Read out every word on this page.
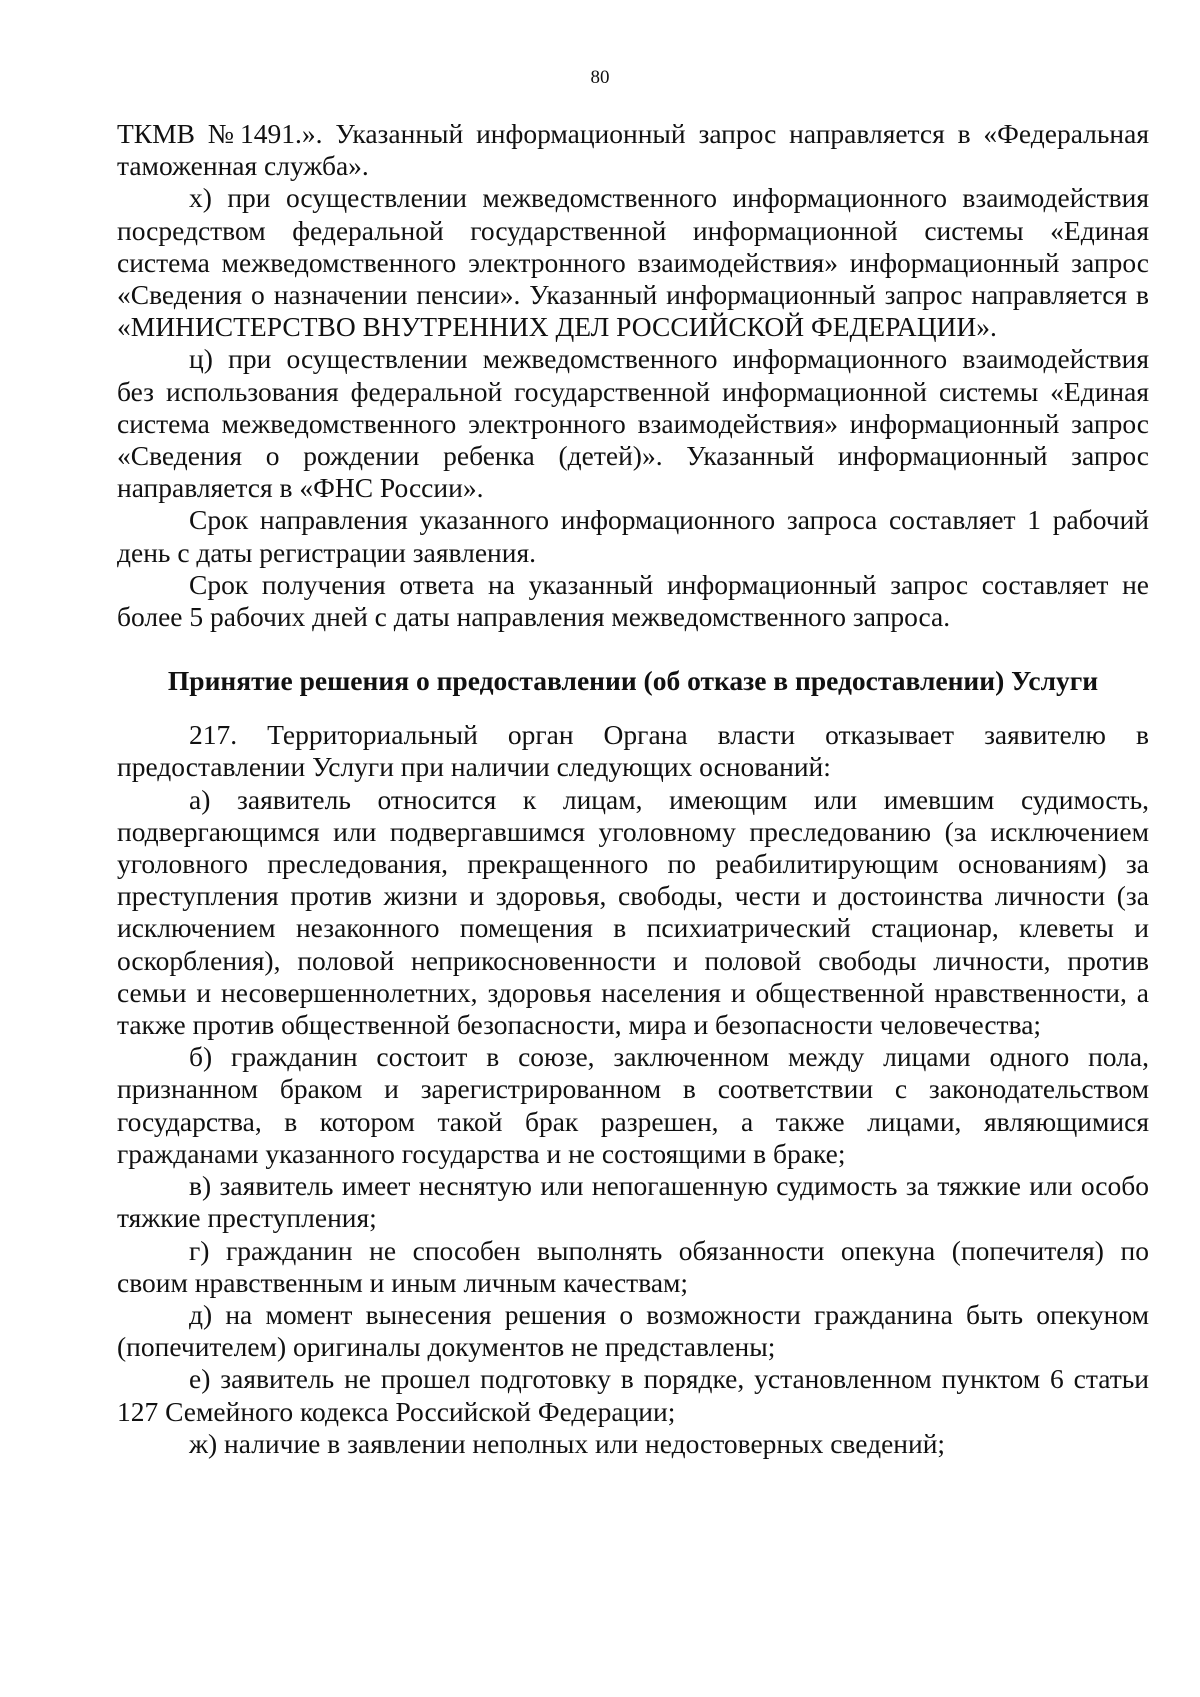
80

ТКМВ №1491.». Указанный информационный запрос направляется в «Федеральная таможенная служба».

х) при осуществлении межведомственного информационного взаимодействия посредством федеральной государственной информационной системы «Единая система межведомственного электронного взаимодействия» информационный запрос «Сведения о назначении пенсии». Указанный информационный запрос направляется в «МИНИСТЕРСТВО ВНУТРЕННИХ ДЕЛ РОССИЙСКОЙ ФЕДЕРАЦИИ».

ц) при осуществлении межведомственного информационного взаимодействия без использования федеральной государственной информационной системы «Единая система межведомственного электронного взаимодействия» информационный запрос «Сведения о рождении ребенка (детей)». Указанный информационный запрос направляется в «ФНС России».

Срок направления указанного информационного запроса составляет 1 рабочий день с даты регистрации заявления.

Срок получения ответа на указанный информационный запрос составляет не более 5 рабочих дней с даты направления межведомственного запроса.

Принятие решения о предоставлении (об отказе в предоставлении) Услуги

217. Территориальный орган Органа власти отказывает заявителю в предоставлении Услуги при наличии следующих оснований:

а) заявитель относится к лицам, имеющим или имевшим судимость, подвергающимся или подвергавшимся уголовному преследованию (за исключением уголовного преследования, прекращенного по реабилитирующим основаниям) за преступления против жизни и здоровья, свободы, чести и достоинства личности (за исключением незаконного помещения в психиатрический стационар, клеветы и оскорбления), половой неприкосновенности и половой свободы личности, против семьи и несовершеннолетних, здоровья населения и общественной нравственности, а также против общественной безопасности, мира и безопасности человечества;

б) гражданин состоит в союзе, заключенном между лицами одного пола, признанном браком и зарегистрированном в соответствии с законодательством государства, в котором такой брак разрешен, а также лицами, являющимися гражданами указанного государства и не состоящими в браке;

в) заявитель имеет неснятую или непогашенную судимость за тяжкие или особо тяжкие преступления;

г) гражданин не способен выполнять обязанности опекуна (попечителя) по своим нравственным и иным личным качествам;

д) на момент вынесения решения о возможности гражданина быть опекуном (попечителем) оригиналы документов не представлены;

е) заявитель не прошел подготовку в порядке, установленном пунктом 6 статьи 127 Семейного кодекса Российской Федерации;

ж) наличие в заявлении неполных или недостоверных сведений;
